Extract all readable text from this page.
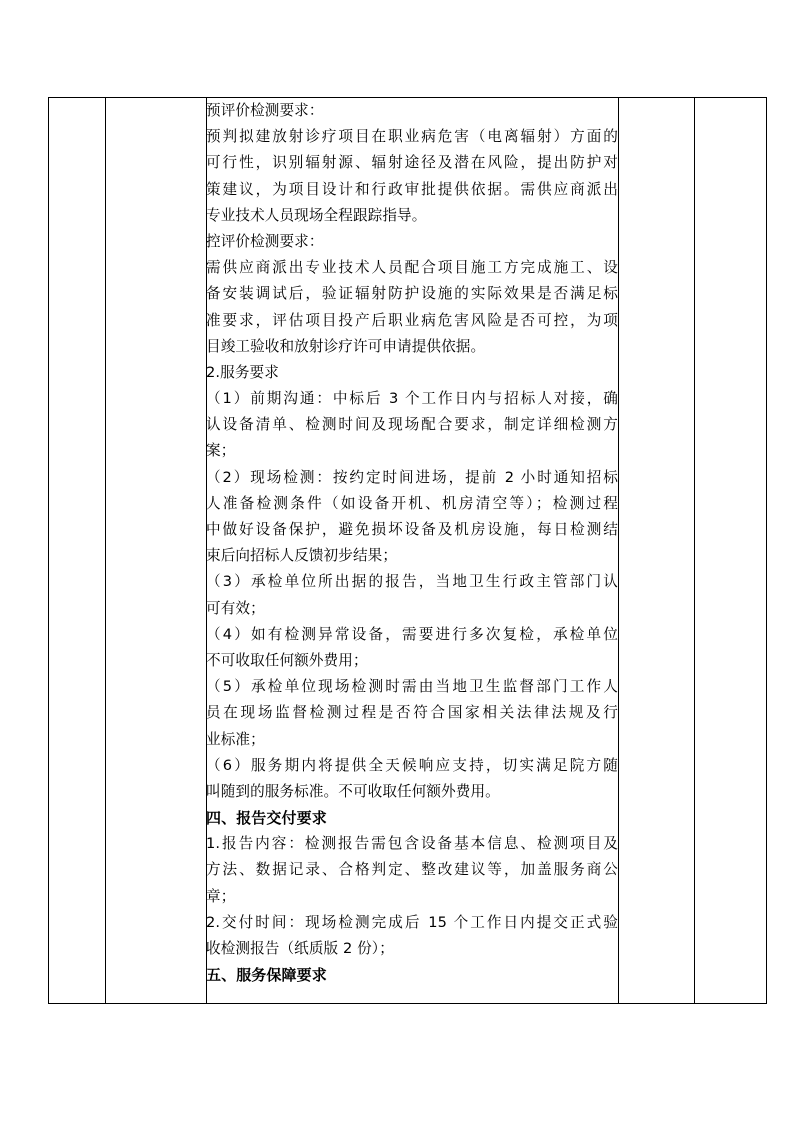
预评价检测要求：
预判拟建放射诊疗项目在职业病危害（电离辐射）方面的
可行性，识别辐射源、辐射途径及潜在风险，提出防护对
策建议，为项目设计和行政审批提供依据。需供应商派出
专业技术人员现场全程跟踪指导。
控评价检测要求：
需供应商派出专业技术人员配合项目施工方完成施工、设
备安装调试后，验证辐射防护设施的实际效果是否满足标
准要求，评估项目投产后职业病危害风险是否可控，为项
目竣工验收和放射诊疗许可申请提供依据。
2.服务要求
（1）前期沟通：中标后 3 个工作日内与招标人对接，确
认设备清单、检测时间及现场配合要求，制定详细检测方
案；
（2）现场检测：按约定时间进场，提前 2 小时通知招标
人准备检测条件（如设备开机、机房清空等）；检测过程
中做好设备保护，避免损坏设备及机房设施，每日检测结
束后向招标人反馈初步结果；
（3）承检单位所出据的报告，当地卫生行政主管部门认
可有效；
（4）如有检测异常设备，需要进行多次复检，承检单位
不可收取任何额外费用；
（5）承检单位现场检测时需由当地卫生监督部门工作人
员在现场监督检测过程是否符合国家相关法律法规及行
业标准；
（6）服务期内将提供全天候响应支持，切实满足院方随
叫随到的服务标准。不可收取任何额外费用。
四、报告交付要求
1.报告内容：检测报告需包含设备基本信息、检测项目及
方法、数据记录、合格判定、整改建议等，加盖服务商公
章；
2.交付时间：现场检测完成后 15 个工作日内提交正式验
收检测报告（纸质版 2 份）；
五、服务保障要求
